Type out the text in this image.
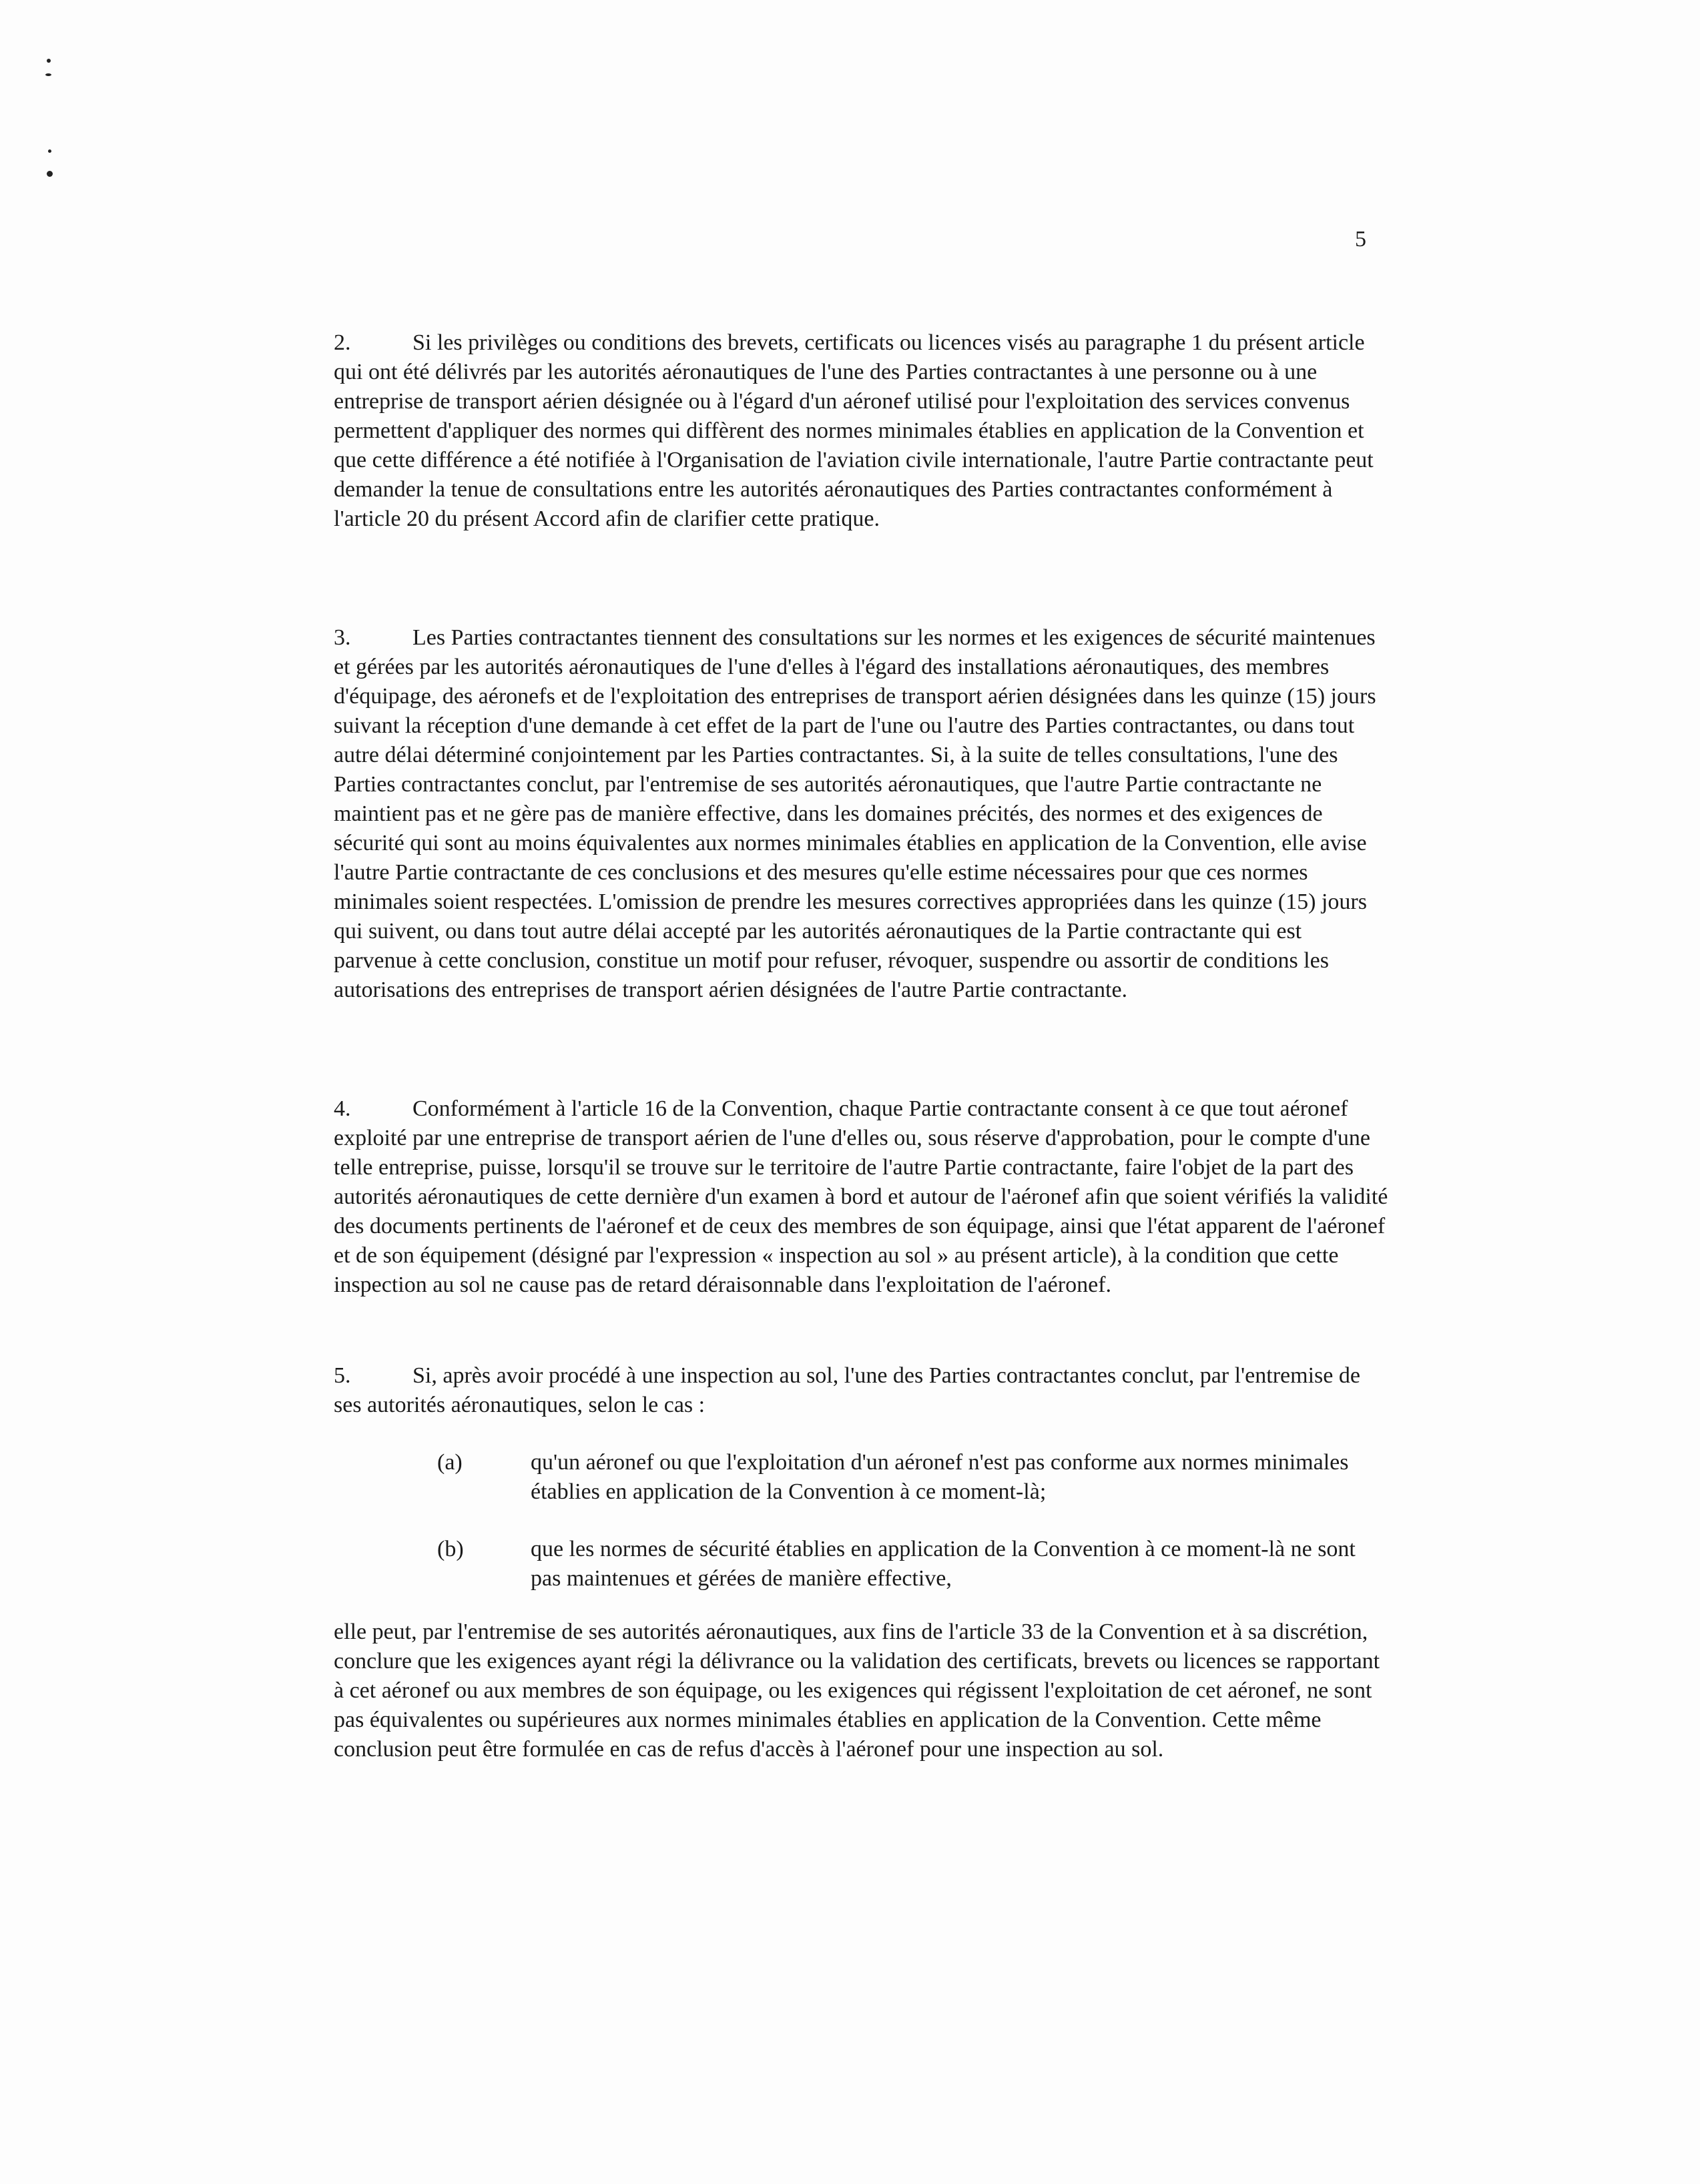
5

2.	Si les privilèges ou conditions des brevets, certificats ou licences visés au paragraphe 1 du présent article qui ont été délivrés par les autorités aéronautiques de l'une des Parties contractantes à une personne ou à une entreprise de transport aérien désignée ou à l'égard d'un aéronef utilisé pour l'exploitation des services convenus permettent d'appliquer des normes qui diffèrent des normes minimales établies en application de la Convention et que cette différence a été notifiée à l'Organisation de l'aviation civile internationale, l'autre Partie contractante peut demander la tenue de consultations entre les autorités aéronautiques des Parties contractantes conformément à l'article 20 du présent Accord afin de clarifier cette pratique.

3.	Les Parties contractantes tiennent des consultations sur les normes et les exigences de sécurité maintenues et gérées par les autorités aéronautiques de l'une d'elles à l'égard des installations aéronautiques, des membres d'équipage, des aéronefs et de l'exploitation des entreprises de transport aérien désignées dans les quinze (15) jours suivant la réception d'une demande à cet effet de la part de l'une ou l'autre des Parties contractantes, ou dans tout autre délai déterminé conjointement par les Parties contractantes. Si, à la suite de telles consultations, l'une des Parties contractantes conclut, par l'entremise de ses autorités aéronautiques, que l'autre Partie contractante ne maintient pas et ne gère pas de manière effective, dans les domaines précités, des normes et des exigences de sécurité qui sont au moins équivalentes aux normes minimales établies en application de la Convention, elle avise l'autre Partie contractante de ces conclusions et des mesures qu'elle estime nécessaires pour que ces normes minimales soient respectées. L'omission de prendre les mesures correctives appropriées dans les quinze (15) jours qui suivent, ou dans tout autre délai accepté par les autorités aéronautiques de la Partie contractante qui est parvenue à cette conclusion, constitue un motif pour refuser, révoquer, suspendre ou assortir de conditions les autorisations des entreprises de transport aérien désignées de l'autre Partie contractante.

4.	Conformément à l'article 16 de la Convention, chaque Partie contractante consent à ce que tout aéronef exploité par une entreprise de transport aérien de l'une d'elles ou, sous réserve d'approbation, pour le compte d'une telle entreprise, puisse, lorsqu'il se trouve sur le territoire de l'autre Partie contractante, faire l'objet de la part des autorités aéronautiques de cette dernière d'un examen à bord et autour de l'aéronef afin que soient vérifiés la validité des documents pertinents de l'aéronef et de ceux des membres de son équipage, ainsi que l'état apparent de l'aéronef et de son équipement (désigné par l'expression « inspection au sol » au présent article), à la condition que cette inspection au sol ne cause pas de retard déraisonnable dans l'exploitation de l'aéronef.

5.	Si, après avoir procédé à une inspection au sol, l'une des Parties contractantes conclut, par l'entremise de ses autorités aéronautiques, selon le cas :

(a)	qu'un aéronef ou que l'exploitation d'un aéronef n'est pas conforme aux normes minimales établies en application de la Convention à ce moment-là;
(b)	que les normes de sécurité établies en application de la Convention à ce moment-là ne sont pas maintenues et gérées de manière effective,

elle peut, par l'entremise de ses autorités aéronautiques, aux fins de l'article 33 de la Convention et à sa discrétion, conclure que les exigences ayant régi la délivrance ou la validation des certificats, brevets ou licences se rapportant à cet aéronef ou aux membres de son équipage, ou les exigences qui régissent l'exploitation de cet aéronef, ne sont pas équivalentes ou supérieures aux normes minimales établies en application de la Convention. Cette même conclusion peut être formulée en cas de refus d'accès à l'aéronef pour une inspection au sol.
